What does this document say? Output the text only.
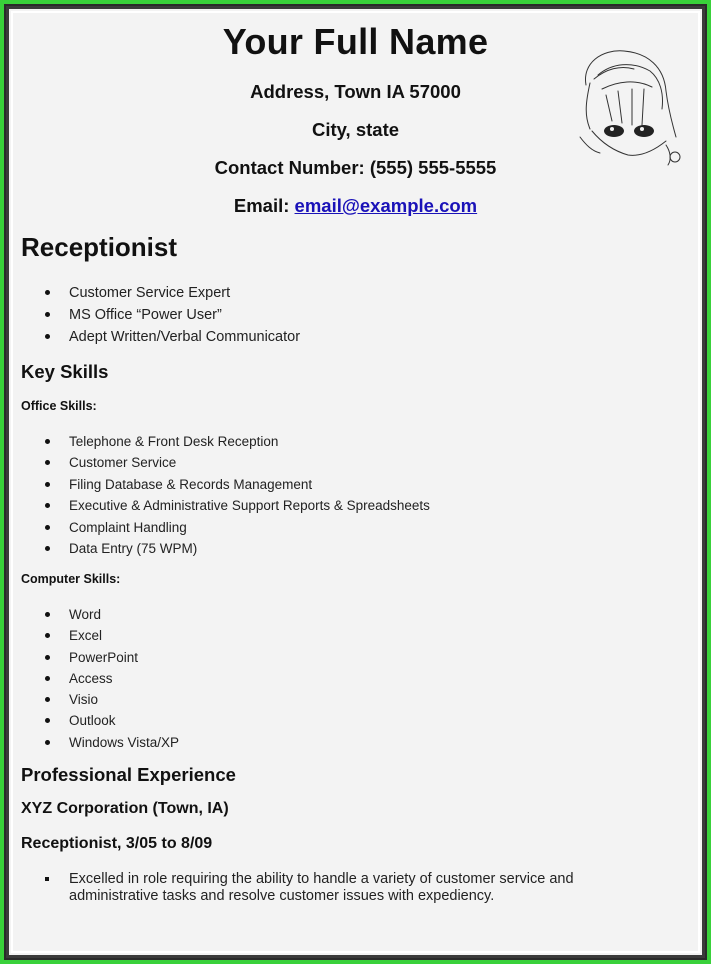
Your Full Name
Address, Town IA 57000
City, state
Contact Number: (555) 555-5555
Email: email@example.com
Receptionist
Customer Service Expert
MS Office “Power User”
Adept Written/Verbal Communicator
Key Skills
Office Skills:
Telephone & Front Desk Reception
Customer Service
Filing Database & Records Management
Executive & Administrative Support Reports & Spreadsheets
Complaint Handling
Data Entry (75 WPM)
Computer Skills:
Word
Excel
PowerPoint
Access
Visio
Outlook
Windows Vista/XP
Professional Experience
XYZ Corporation (Town, IA)
Receptionist, 3/05 to 8/09
Excelled in role requiring the ability to handle a variety of customer service and administrative tasks and resolve customer issues with expediency.
